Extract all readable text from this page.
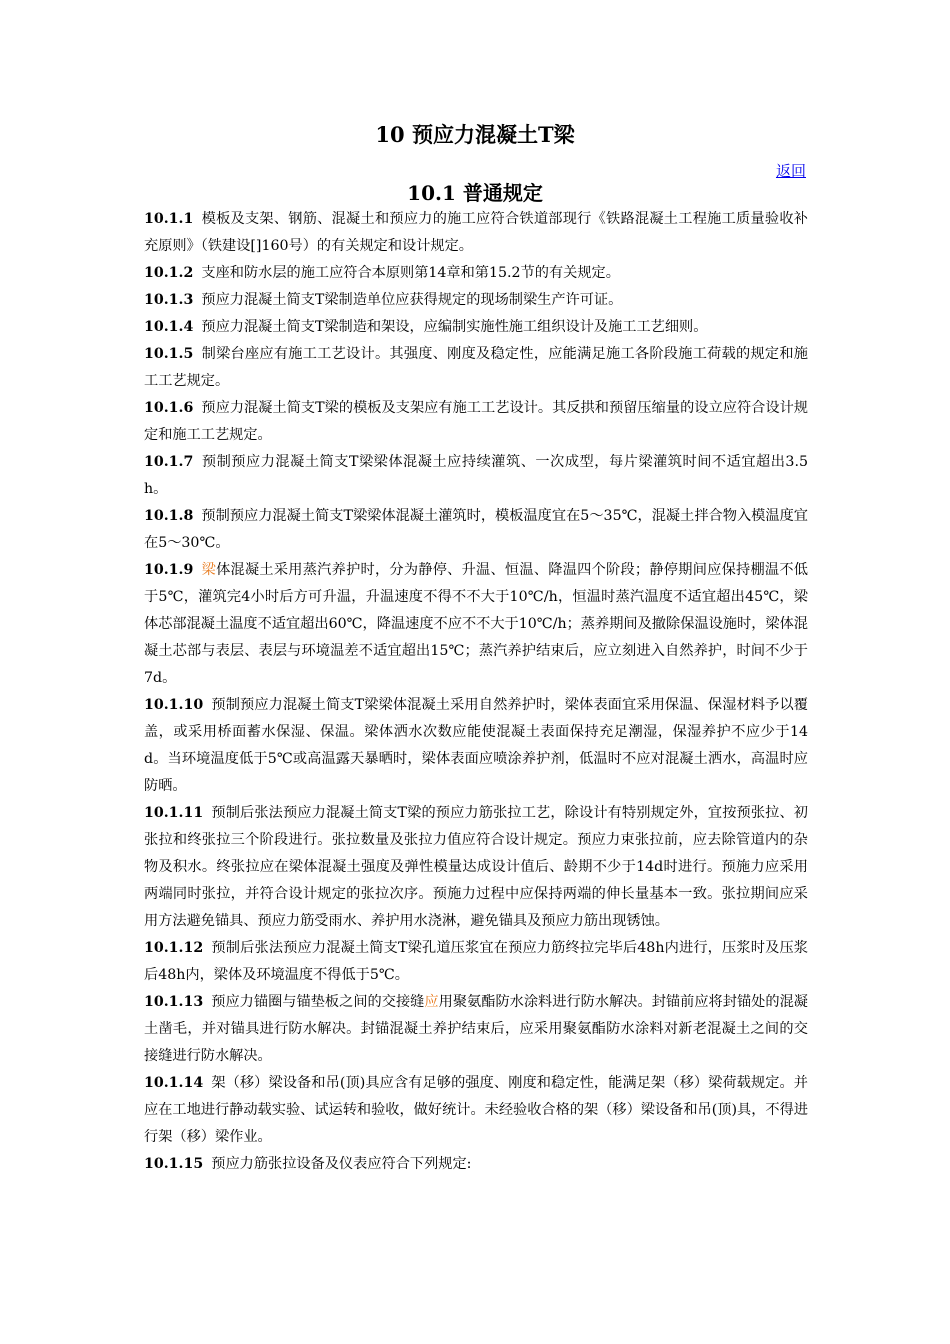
10 预应力混凝土T梁
返回
10.1 普通规定

10.1.1 模板及支架、钢筋、混凝土和预应力的施工应符合铁道部现行《铁路混凝土工程施工质量验收补充原则》（铁建设[]160号）的有关规定和设计规定。

10.1.2 支座和防水层的施工应符合本原则第14章和第15.2节的有关规定。

10.1.3 预应力混凝土简支T梁制造单位应获得规定的现场制梁生产许可证。

10.1.4 预应力混凝土简支T梁制造和架设，应编制实施性施工组织设计及施工工艺细则。

10.1.5 制梁台座应有施工工艺设计。其强度、刚度及稳定性，应能满足施工各阶段施工荷载的规定和施工工艺规定。

10.1.6 预应力混凝土简支T梁的模板及支架应有施工工艺设计。其反拱和预留压缩量的设立应符合设计规定和施工工艺规定。

10.1.7 预制预应力混凝土简支T梁梁体混凝土应持续灌筑、一次成型，每片梁灌筑时间不适宜超出3.5h。

10.1.8 预制预应力混凝土简支T梁梁体混凝土灌筑时，模板温度宜在5～35℃，混凝土拌合物入模温度宜在5～30℃。

10.1.9 梁体混凝土采用蒸汽养护时，分为静停、升温、恒温、降温四个阶段；静停期间应保持棚温不低于5℃，灌筑完4小时后方可升温，升温速度不得不不大于10℃/h，恒温时蒸汽温度不适宜超出45℃，梁体芯部混凝土温度不适宜超出60℃，降温速度不应不不大于10℃/h；蒸养期间及撤除保温设施时，梁体混凝土芯部与表层、表层与环境温差不适宜超出15℃；蒸汽养护结束后，应立刻进入自然养护，时间不少于7d。

10.1.10 预制预应力混凝土简支T梁梁体混凝土采用自然养护时，梁体表面宜采用保温、保湿材料予以覆盖，或采用桥面蓄水保湿、保温。梁体洒水次数应能使混凝土表面保持充足潮湿，保湿养护不应少于14d。当环境温度低于5℃或高温露天暴晒时，梁体表面应喷涂养护剂，低温时不应对混凝土洒水，高温时应防晒。

10.1.11 预制后张法预应力混凝土简支T梁的预应力筋张拉工艺，除设计有特别规定外，宜按预张拉、初张拉和终张拉三个阶段进行。张拉数量及张拉力值应符合设计规定。预应力束张拉前，应去除管道内的杂物及积水。终张拉应在梁体混凝土强度及弹性模量达成设计值后、龄期不少于14d时进行。预施力应采用两端同时张拉，并符合设计规定的张拉次序。预施力过程中应保持两端的伸长量基本一致。张拉期间应采用方法避免锚具、预应力筋受雨水、养护用水浇淋，避免锚具及预应力筋出现锈蚀。

10.1.12 预制后张法预应力混凝土简支T梁孔道压浆宜在预应力筋终拉完毕后48h内进行，压浆时及压浆后48h内，梁体及环境温度不得低于5℃。

10.1.13 预应力锚圈与锚垫板之间的交接缝应用聚氨酯防水涂料进行防水解决。封锚前应将封锚处的混凝土凿毛，并对锚具进行防水解决。封锚混凝土养护结束后，应采用聚氨酯防水涂料对新老混凝土之间的交接缝进行防水解决。

10.1.14 架（移）梁设备和吊(顶)具应含有足够的强度、刚度和稳定性，能满足架（移）梁荷载规定。并应在工地进行静动载实验、试运转和验收，做好统计。未经验收合格的架（移）梁设备和吊(顶)具，不得进行架（移）梁作业。

10.1.15 预应力筋张拉设备及仪表应符合下列规定:
